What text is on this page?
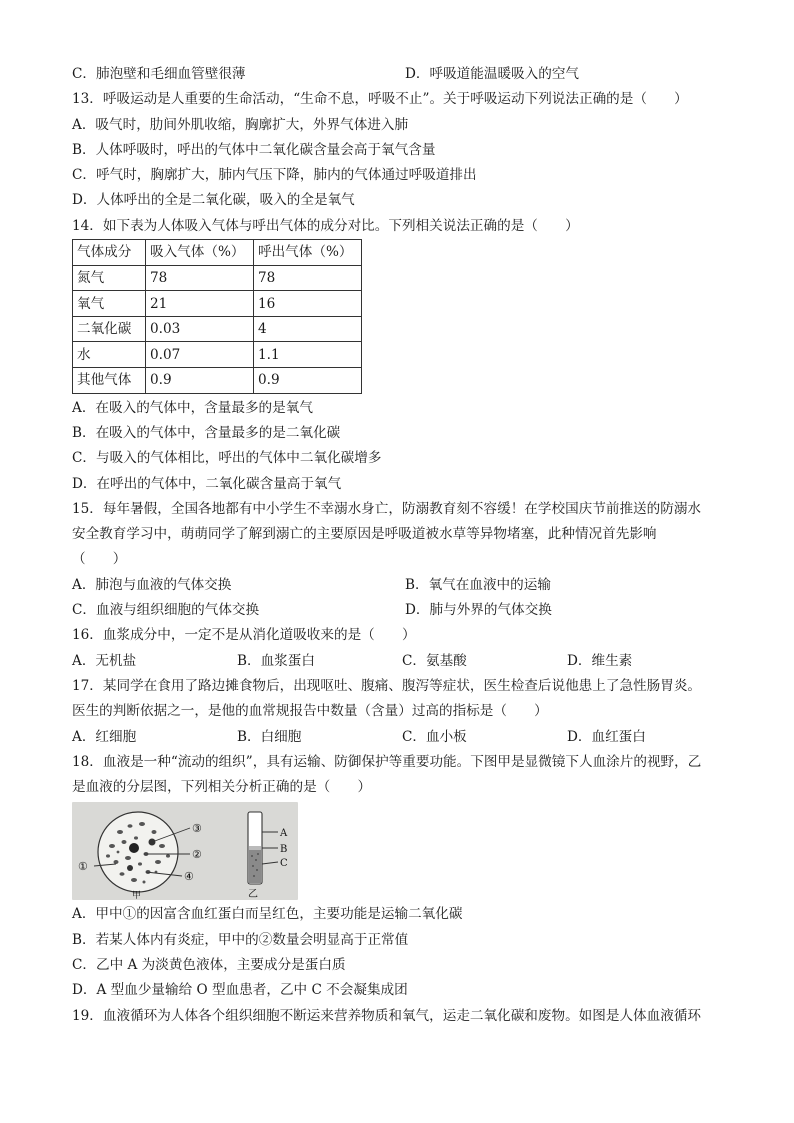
C．肺泡壁和毛细血管壁很薄	D．呼吸道能温暖吸入的空气
13．呼吸运动是人重要的生命活动，“生命不息，呼吸不止”。关于呼吸运动下列说法正确的是（　　）
A．吸气时，肋间外肌收缩，胸廓扩大，外界气体进入肺
B．人体呼吸时，呼出的气体中二氧化碳含量会高于氧气含量
C．呼气时，胸廓扩大，肺内气压下降，肺内的气体通过呼吸道排出
D．人体呼出的全是二氧化碳，吸入的全是氧气
14．如下表为人体吸入气体与呼出气体的成分对比。下列相关说法正确的是（　　）
气体成分	吸入气体（%）	呼出气体（%）
氮气	78	78
氧气	21	16
二氧化碳	0.03	4
水	0.07	1.1
其他气体	0.9	0.9
A．在吸入的气体中，含量最多的是氧气
B．在吸入的气体中，含量最多的是二氧化碳
C．与吸入的气体相比，呼出的气体中二氧化碳增多
D．在呼出的气体中，二氧化碳含量高于氧气
15．每年暑假，全国各地都有中小学生不幸溺水身亡，防溺教育刻不容缓！在学校国庆节前推送的防溺水
安全教育学习中，萌萌同学了解到溺亡的主要原因是呼吸道被水草等异物堵塞，此种情况首先影响
（　　）
A．肺泡与血液的气体交换	B．氧气在血液中的运输
C．血液与组织细胞的气体交换	D．肺与外界的气体交换
16．血浆成分中，一定不是从消化道吸收来的是（　　）
A．无机盐	B．血浆蛋白	C．氨基酸	D．维生素
17．某同学在食用了路边摊食物后，出现呕吐、腹痛、腹泻等症状，医生检查后说他患上了急性肠胃炎。
医生的判断依据之一，是他的血常规报告中数量（含量）过高的指标是（　　）
A．红细胞	B．白细胞	C．血小板	D．血红蛋白
18．血液是一种“流动的组织”，具有运输、防御保护等重要功能。下图甲是显微镜下人血涂片的视野，乙
是血液的分层图，下列相关分析正确的是（　　）
③
②
④
①
A
B
C
甲	乙
A．甲中①的因富含血红蛋白而呈红色，主要功能是运输二氧化碳
B．若某人体内有炎症，甲中的②数量会明显高于正常值
C．乙中 A 为淡黄色液体，主要成分是蛋白质
D．A 型血少量输给 O 型血患者，乙中 C 不会凝集成团
19．血液循环为人体各个组织细胞不断运来营养物质和氧气，运走二氧化碳和废物。如图是人体血液循环
